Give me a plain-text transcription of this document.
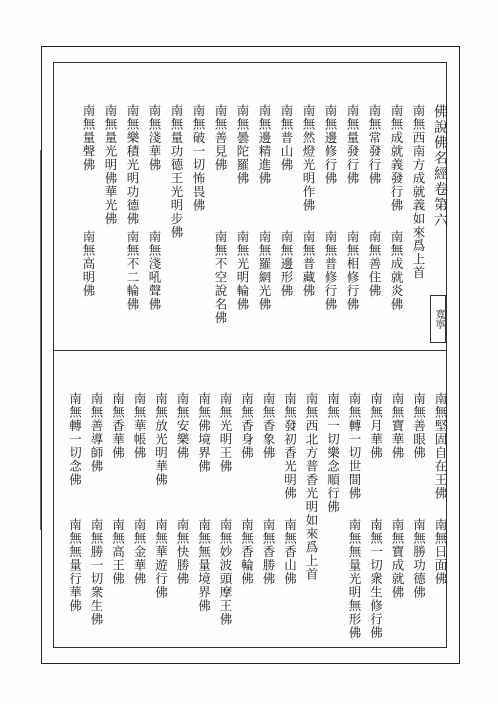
佛說佛名經卷第六
寬寧
南無西南方成就義如來爲上首
南無成就義發行佛
南無成就炎佛
南無常發行佛
南無善住佛
南無量發行佛
南無相修行佛
南無邊修行佛
南無普修行佛
南無然燈光明作佛
南無普藏佛
南無普山佛
南無邊形佛
南無邊精進佛
南無羅網光佛
南無曇陀羅佛
南無光明輪佛
南無善見佛
南無不空說名佛
南無破一切怖畏佛
南無量功德王光明步佛
南無淺華佛
南無淺吼聲佛
南無樂積光明功德佛
南無不二輪佛
南無量光明佛華光佛
南無量聲佛
南無高明佛
南無堅固自在王佛
南無日面佛
南無善眼佛
南無勝功德佛
南無寶華佛
南無寶成就佛
南無月華佛
南無一切衆生修行佛
南無轉一切世間佛
南無無量光明無形佛
南無一切樂念順行佛
南無西北方普香光明如來爲上首
南無發初香光明佛
南無香山佛
南無香象佛
南無香勝佛
南無香身佛
南無香輪佛
南無光明王佛
南無妙波頭摩王佛
南無佛境界佛
南無無量境界佛
南無安樂佛
南無快勝佛
南無放光明華佛
南無華遊行佛
南無華帳佛
南無金華佛
南無香華佛
南無高王佛
南無善導師佛
南無勝一切衆生佛
南無轉一切念佛
南無無量行華佛
